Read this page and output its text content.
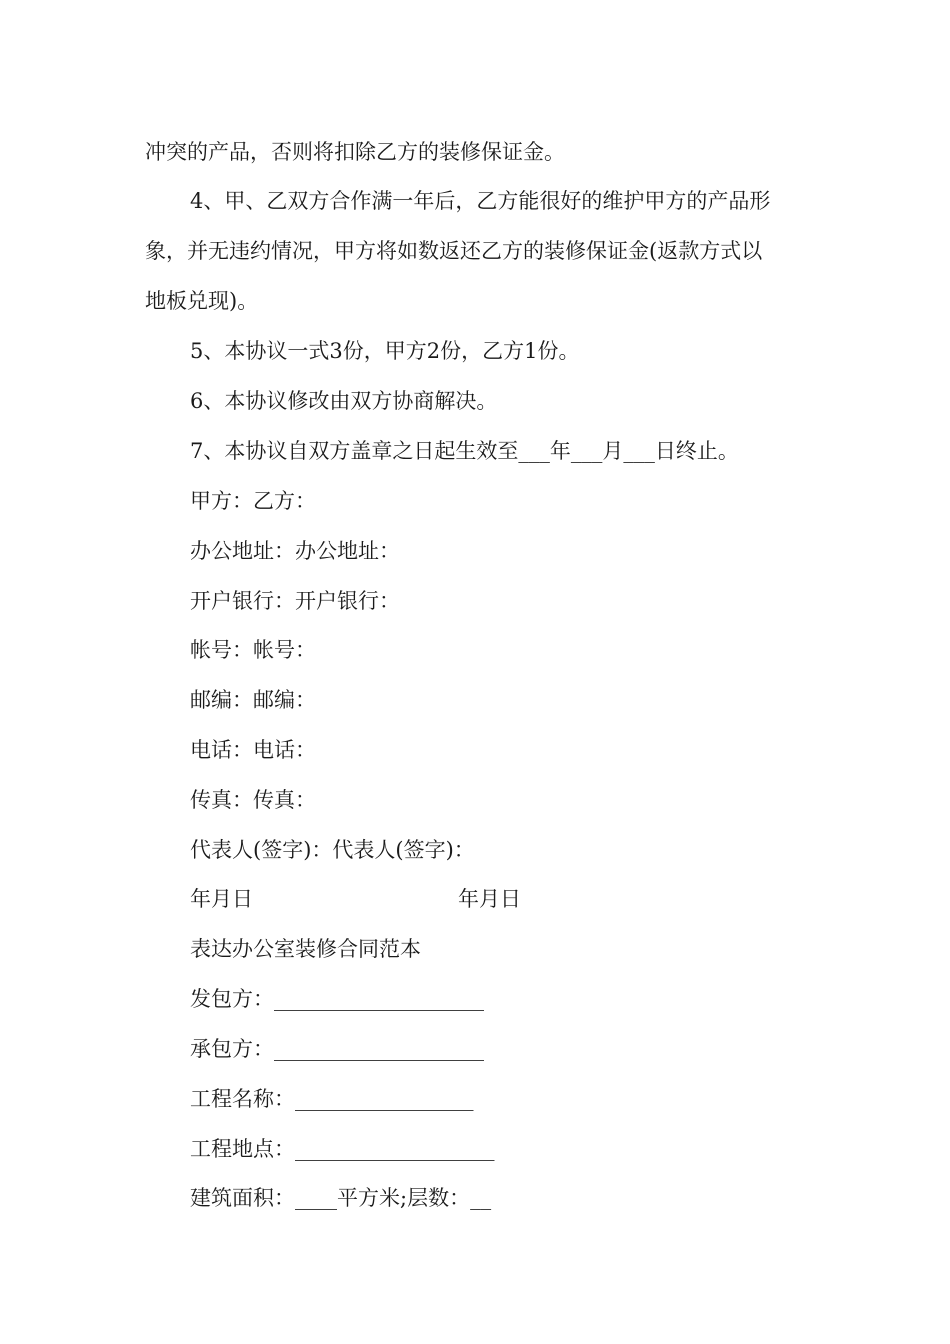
冲突的产品，否则将扣除乙方的装修保证金。
4、甲、乙双方合作满一年后，乙方能很好的维护甲方的产品形
象，并无违约情况，甲方将如数返还乙方的装修保证金(返款方式以
地板兑现)。
5、本协议一式3份，甲方2份，乙方1份。
6、本协议修改由双方协商解决。
7、本协议自双方盖章之日起生效至___年___月___日终止。
甲方：乙方：
办公地址：办公地址：
开户银行：开户银行：
帐号：帐号：
邮编：邮编：
电话：电话：
传真：传真：
代表人(签字)：代表人(签字)：
年月日	年月日
表达办公室装修合同范本
发包方：____________________
承包方：____________________
工程名称：_________________
工程地点：___________________
建筑面积：____平方米;层数：__
